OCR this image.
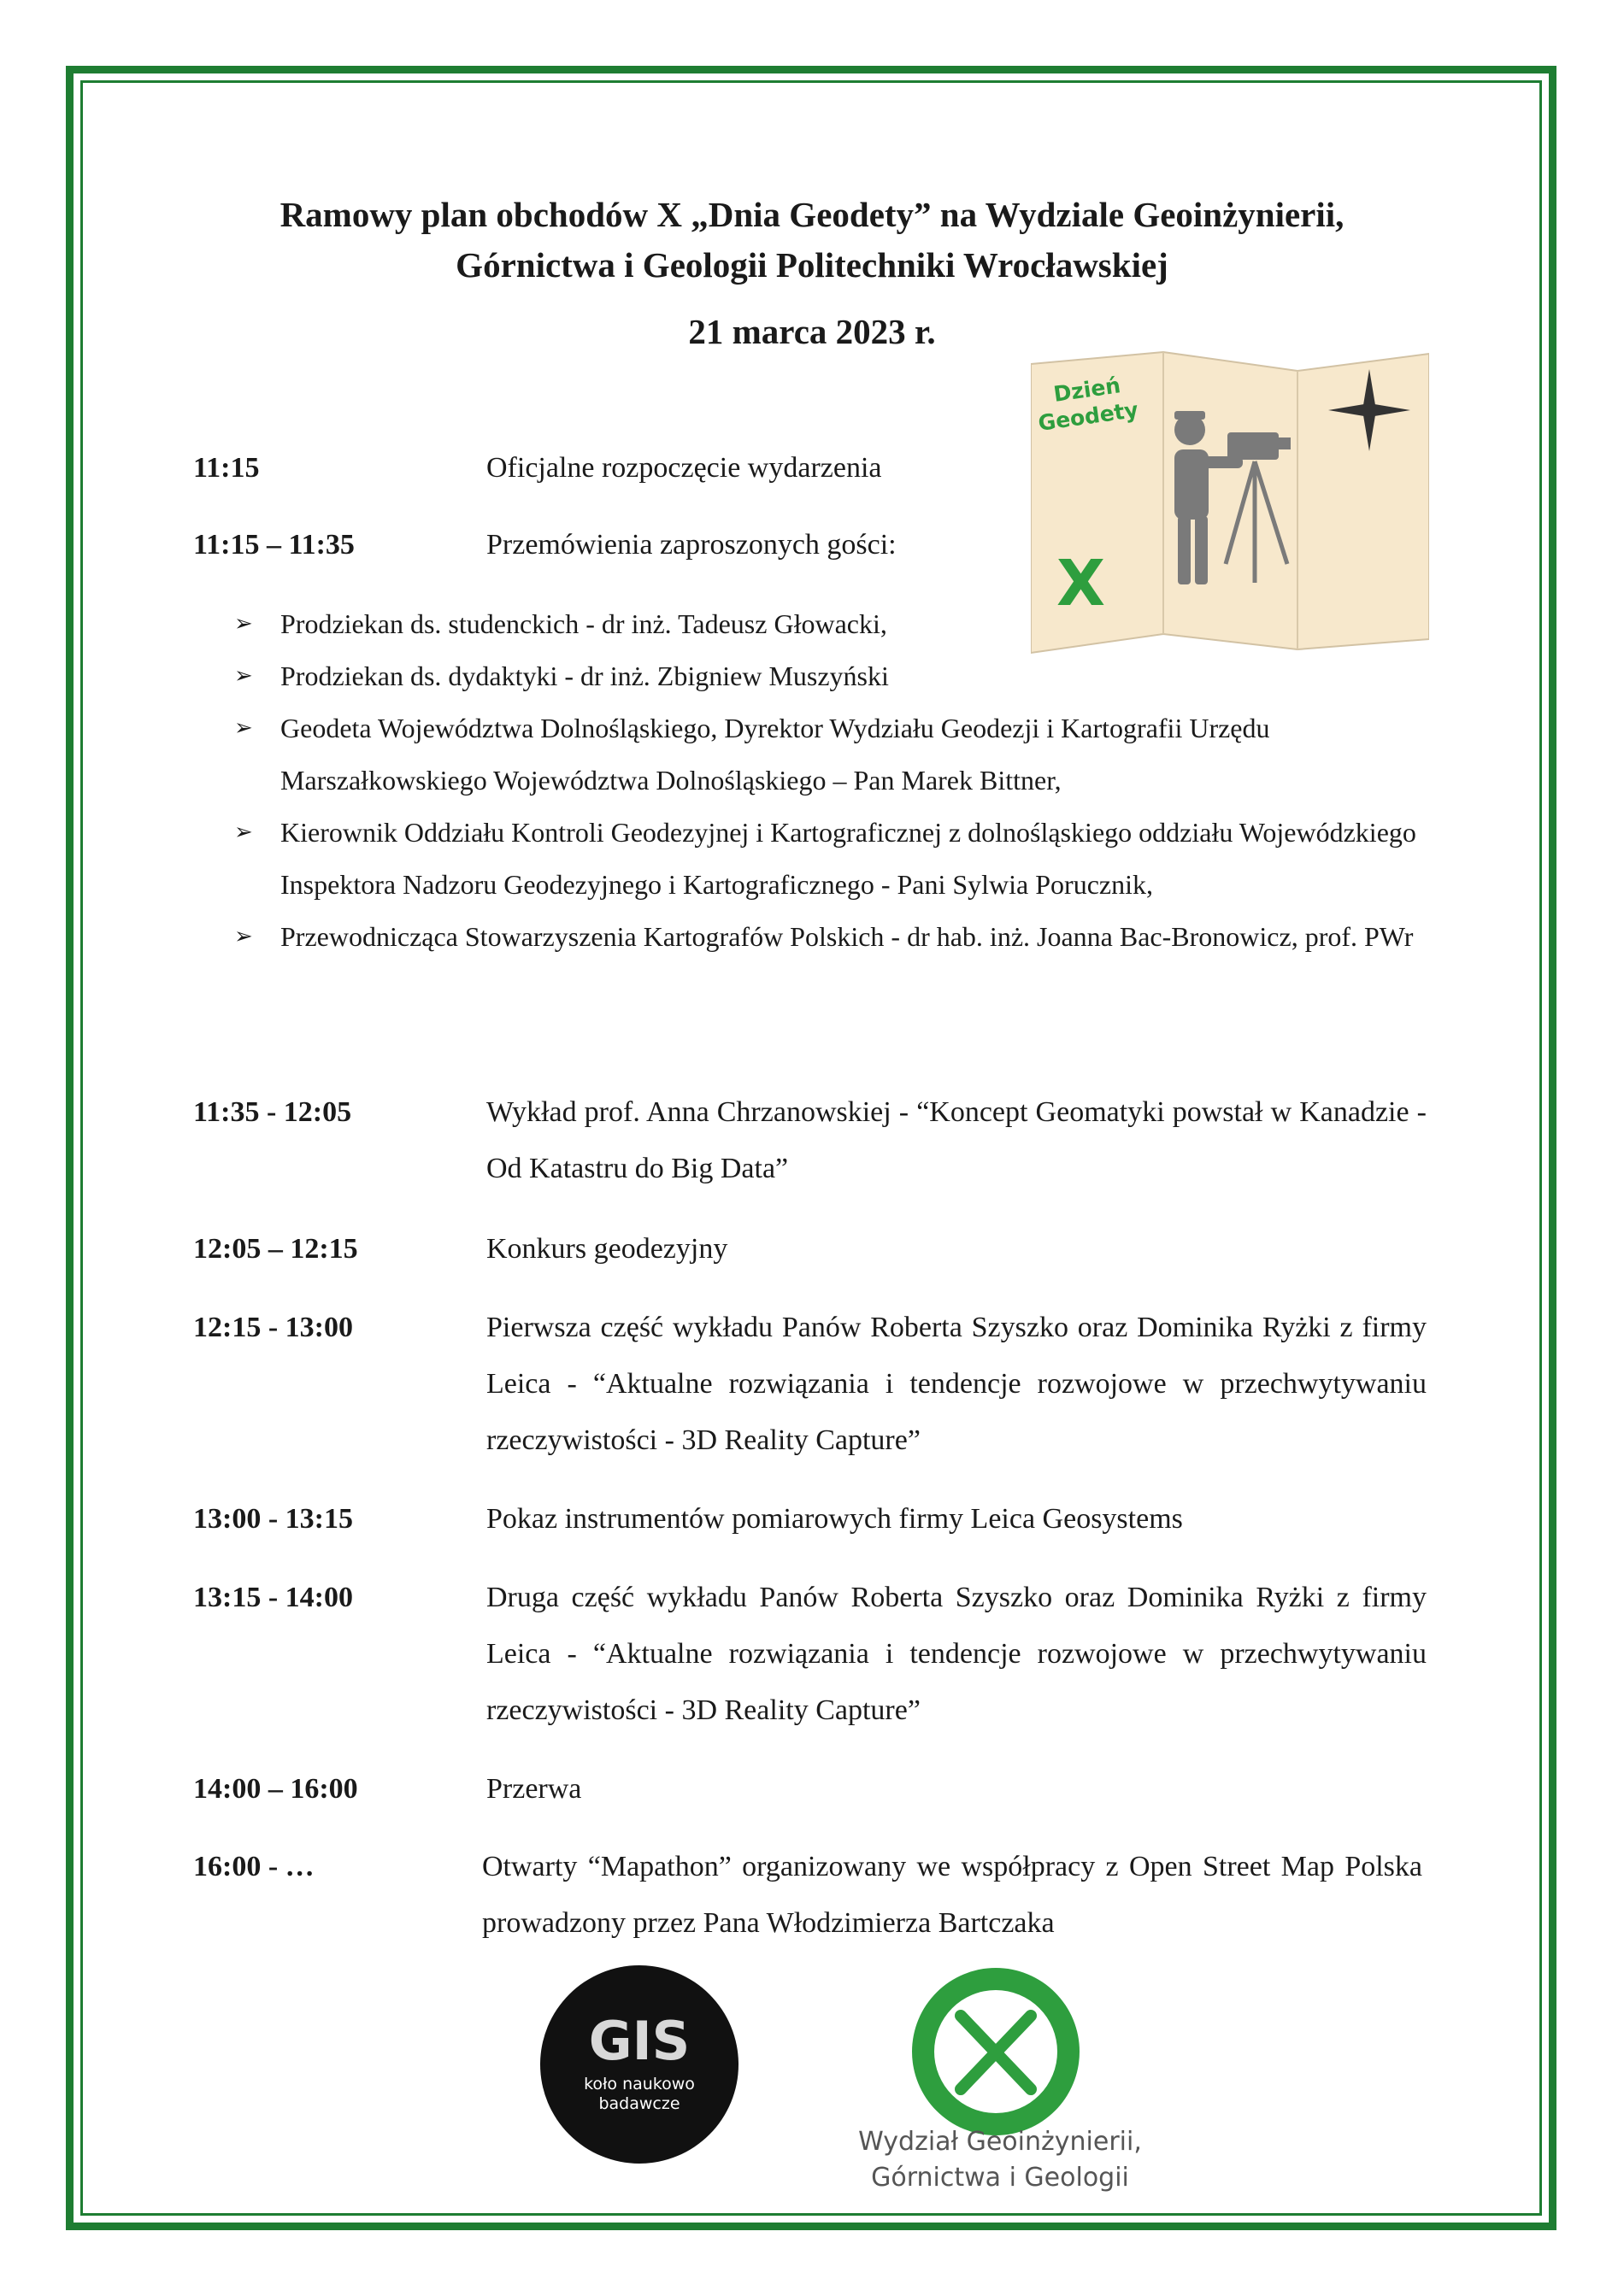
Ramowy plan obchodów X „Dnia Geodety” na Wydziale Geoinżynierii,
Górnictwa i Geologii Politechniki Wrocławskiej
21 marca 2023 r.
Dzień
Geodety
X
11:15	Oficjalne rozpoczęcie wydarzenia
11:15 – 11:35	Przemówienia zaproszonych gości:
➢ Prodziekan ds. studenckich - dr inż. Tadeusz Głowacki,
➢ Prodziekan ds. dydaktyki - dr inż. Zbigniew Muszyński
➢ Geodeta Województwa Dolnośląskiego, Dyrektor Wydziału Geodezji i Kartografii Urzędu Marszałkowskiego Województwa Dolnośląskiego – Pan Marek Bittner,
➢ Kierownik Oddziału Kontroli Geodezyjnej i Kartograficznej z dolnośląskiego oddziału Wojewódzkiego Inspektora Nadzoru Geodezyjnego i Kartograficznego - Pani Sylwia Porucznik,
➢ Przewodnicząca Stowarzyszenia Kartografów Polskich - dr hab. inż. Joanna Bac-Bronowicz, prof. PWr
11:35 - 12:05	Wykład prof. Anna Chrzanowskiej - “Koncept Geomatyki powstał w Kanadzie - Od Katastru do Big Data”
12:05 – 12:15	Konkurs geodezyjny
12:15 - 13:00	Pierwsza część wykładu Panów Roberta Szyszko oraz Dominika Ryżki z firmy Leica - “Aktualne rozwiązania i tendencje rozwojowe w przechwytywaniu rzeczywistości - 3D Reality Capture”
13:00 - 13:15	Pokaz instrumentów pomiarowych firmy Leica Geosystems
13:15 - 14:00	Druga część wykładu Panów Roberta Szyszko oraz Dominika Ryżki z firmy Leica - “Aktualne rozwiązania i tendencje rozwojowe w przechwytywaniu rzeczywistości - 3D Reality Capture”
14:00 – 16:00	Przerwa
16:00 - …	Otwarty “Mapathon” organizowany we współpracy z Open Street Map Polska prowadzony przez Pana Włodzimierza Bartczaka
GIS
koło naukowo
badawcze
Wydział Geoinżynierii,
Górnictwa i Geologii
